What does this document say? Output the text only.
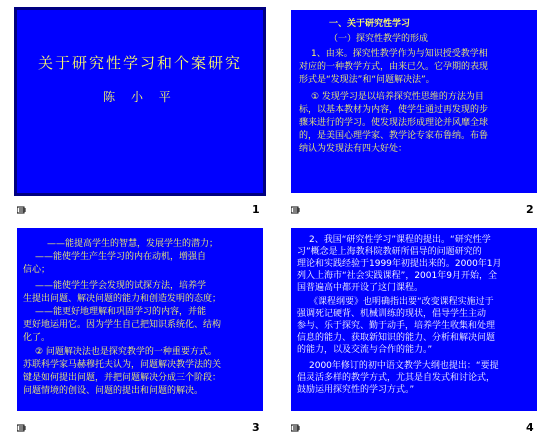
关于研究性学习和个案研究
陈 小 平
1
一、关于研究性学习
（一）探究性教学的形成
1、由来。探究性教学作为与知识授受教学相
对应的一种教学方式，由来已久。它孕期的表现
形式是“发现法”和“问题解决法”。
① 发现学习是以培养探究性思维的方法为目
标，以基本教材为内容，使学生通过再发现的步
骤来进行的学习。使发现法形成理论并风靡全球
的，是美国心理学家、教学论专家布鲁纳。布鲁
纳认为发现法有四大好处：
2
——能提高学生的智慧，发展学生的潜力；
——能使学生产生学习的内在动机，增强自
信心；
——能使学生学会发现的试探方法，培养学
生提出问题、解决问题的能力和创造发明的态度；
——能更好地理解和巩固学习的内容，并能
更好地运用它。因为学生自己把知识系统化、结构
化了。
② 问题解决法也是探究教学的一种重要方式。
苏联科学家马赫穆托夫认为，问题解决教学法的关
键是如何提出问题，并把问题解决分成三个阶段：
问题情境的创设、问题的提出和问题的解决。
3
2、我国“研究性学习”课程的提出。“研究性学
习”概念是上海教科院教研所倡导的问题研究的
理论和实践经验于1999年初提出来的。2000年1月
列入上海市“社会实践课程”，2001年9月开始，全
国普遍高中都开设了这门课程。
《课程纲要》也明确指出要“改变课程实施过于
强调死记硬背、机械训练的现状，倡导学生主动
参与、乐于探究、勤于动手，培养学生收集和处理
信息的能力、获取新知识的能力、分析和解决问题
的能力，以及交流与合作的能力。”
2000年修订的初中语文教学大纲也提出：“要提
倡灵活多样的教学方式，尤其是自发式和讨论式，
鼓励运用探究性的学习方式。”
4
